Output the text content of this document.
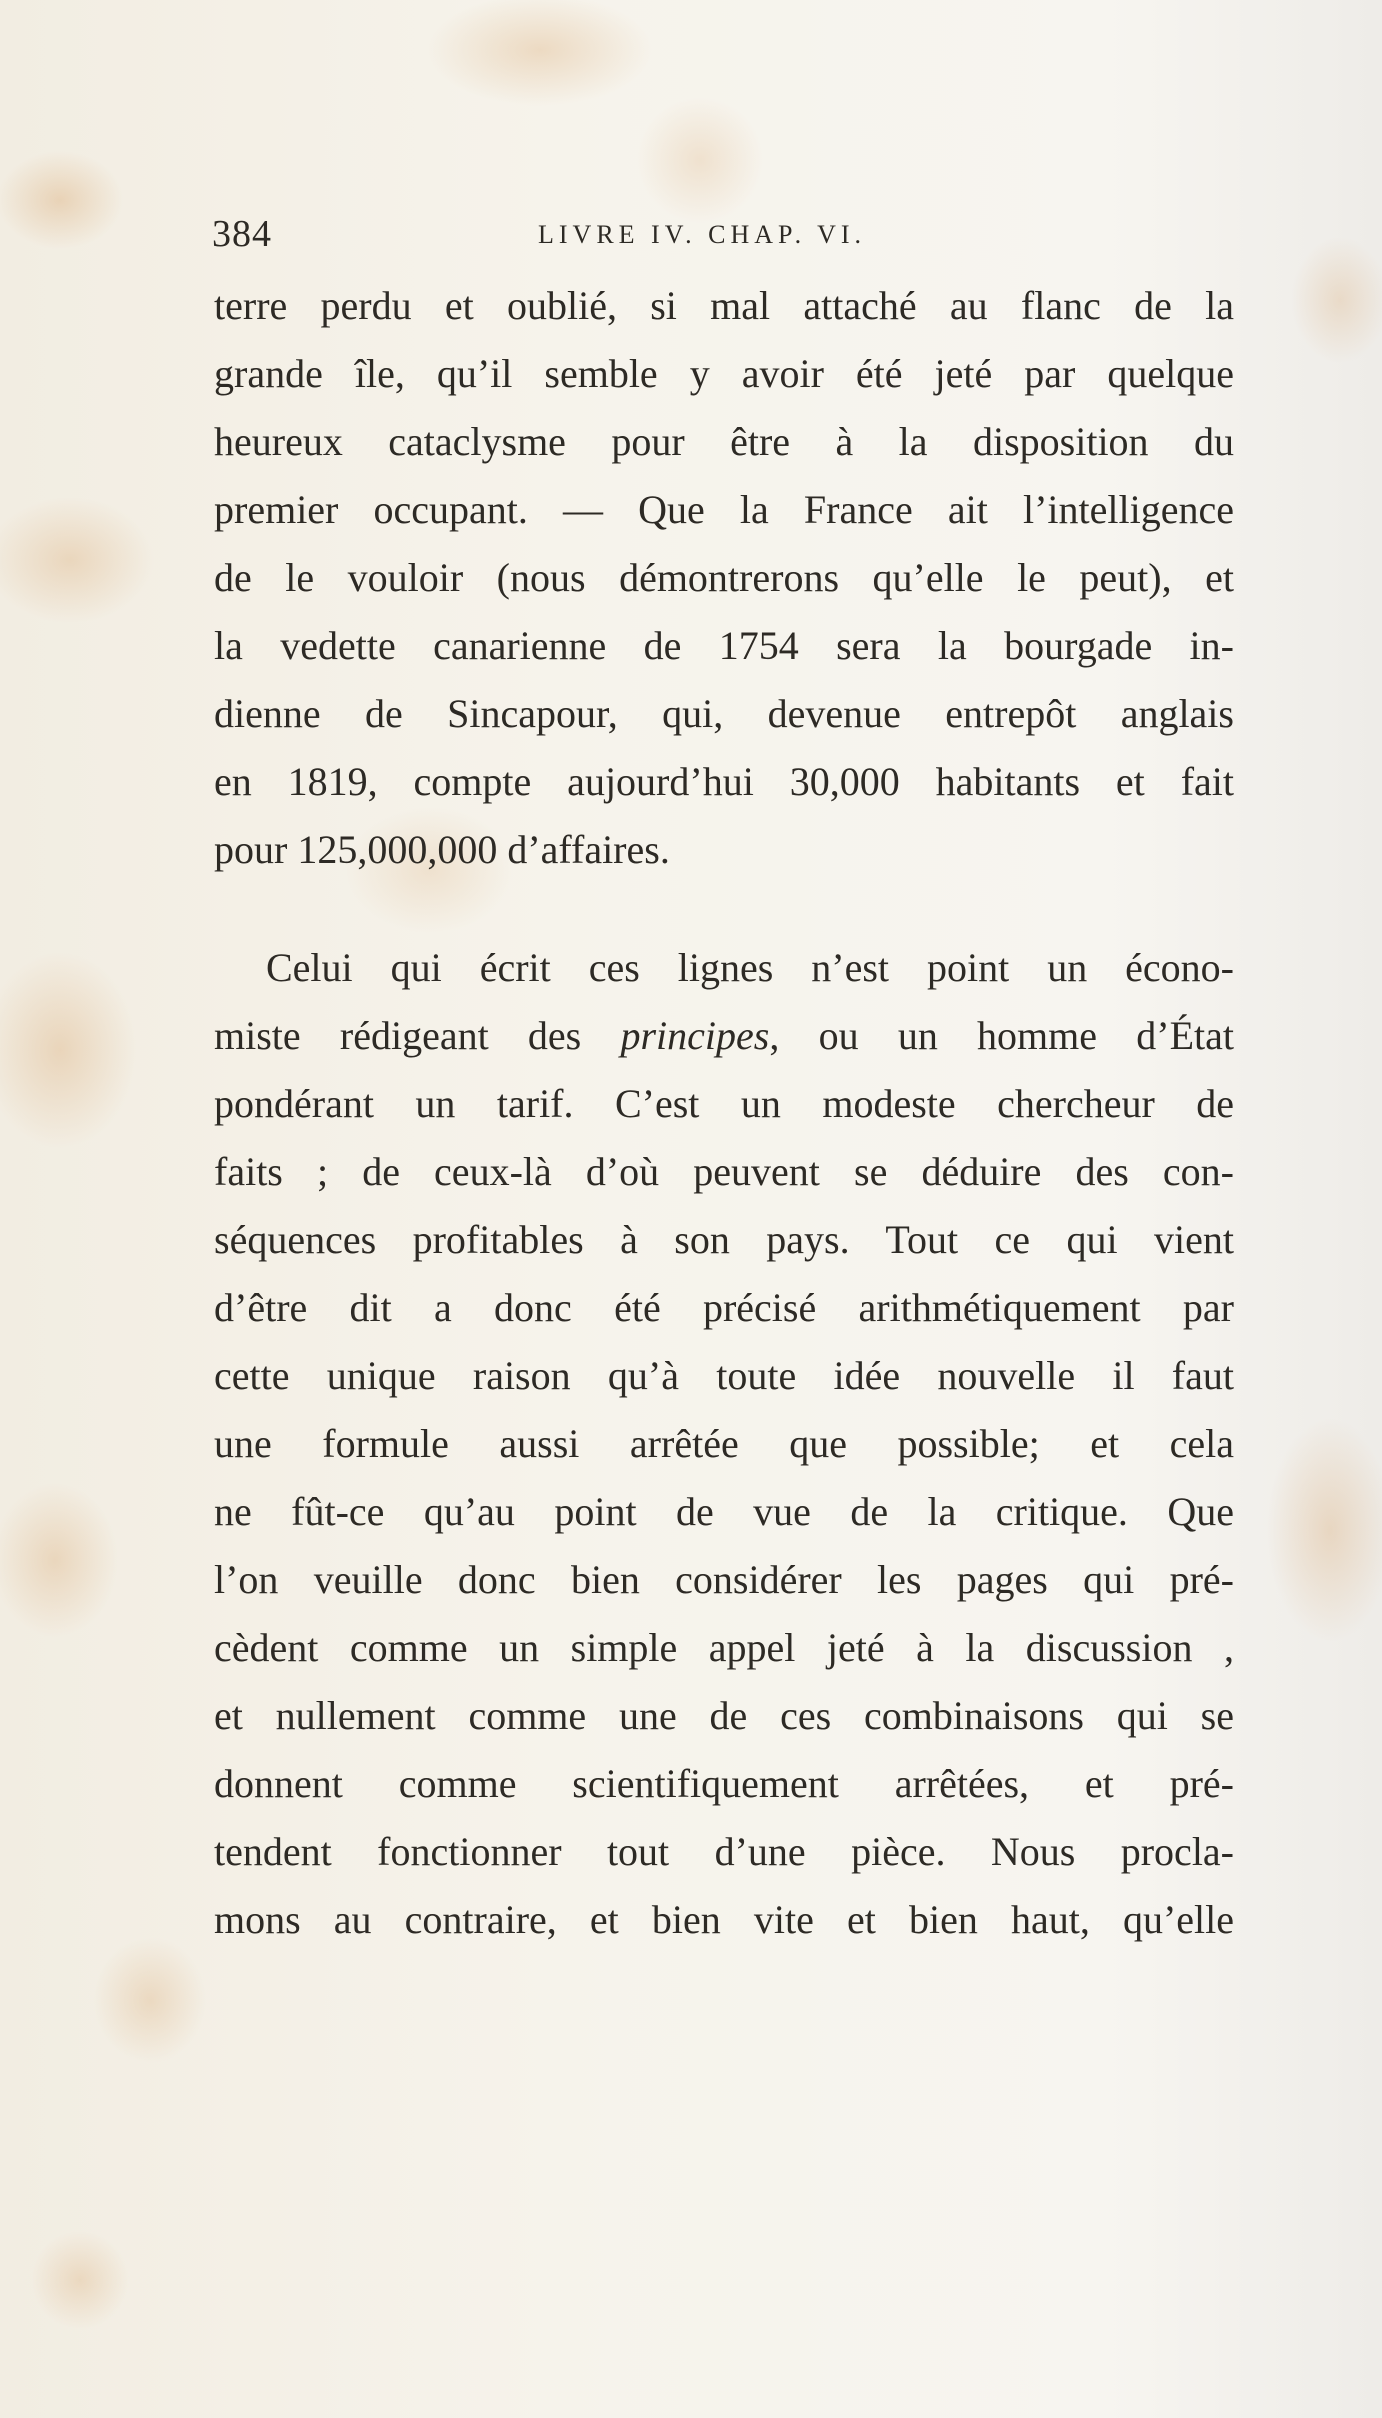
384	LIVRE IV. CHAP. VI.
terre perdu et oublié, si mal attaché au flanc de la
grande île, qu’il semble y avoir été jeté par quelque
heureux cataclysme pour être à la disposition du
premier occupant. — Que la France ait l’intelligence
de le vouloir (nous démontrerons qu’elle le peut), et
la vedette canarienne de 1754 sera la bourgade in-
dienne de Sincapour, qui, devenue entrepôt anglais
en 1819, compte aujourd’hui 30,000 habitants et fait
pour 125,000,000 d’affaires.
Celui qui écrit ces lignes n’est point un écono-
miste rédigeant des principes, ou un homme d’État
pondérant un tarif. C’est un modeste chercheur de
faits ; de ceux-là d’où peuvent se déduire des con-
séquences profitables à son pays. Tout ce qui vient
d’être dit a donc été précisé arithmétiquement par
cette unique raison qu’à toute idée nouvelle il faut
une formule aussi arrêtée que possible; et cela
ne fût-ce qu’au point de vue de la critique. Que
l’on veuille donc bien considérer les pages qui pré-
cèdent comme un simple appel jeté à la discussion ,
et nullement comme une de ces combinaisons qui se
donnent comme scientifiquement arrêtées, et pré-
tendent fonctionner tout d’une pièce. Nous procla-
mons au contraire, et bien vite et bien haut, qu’elle
